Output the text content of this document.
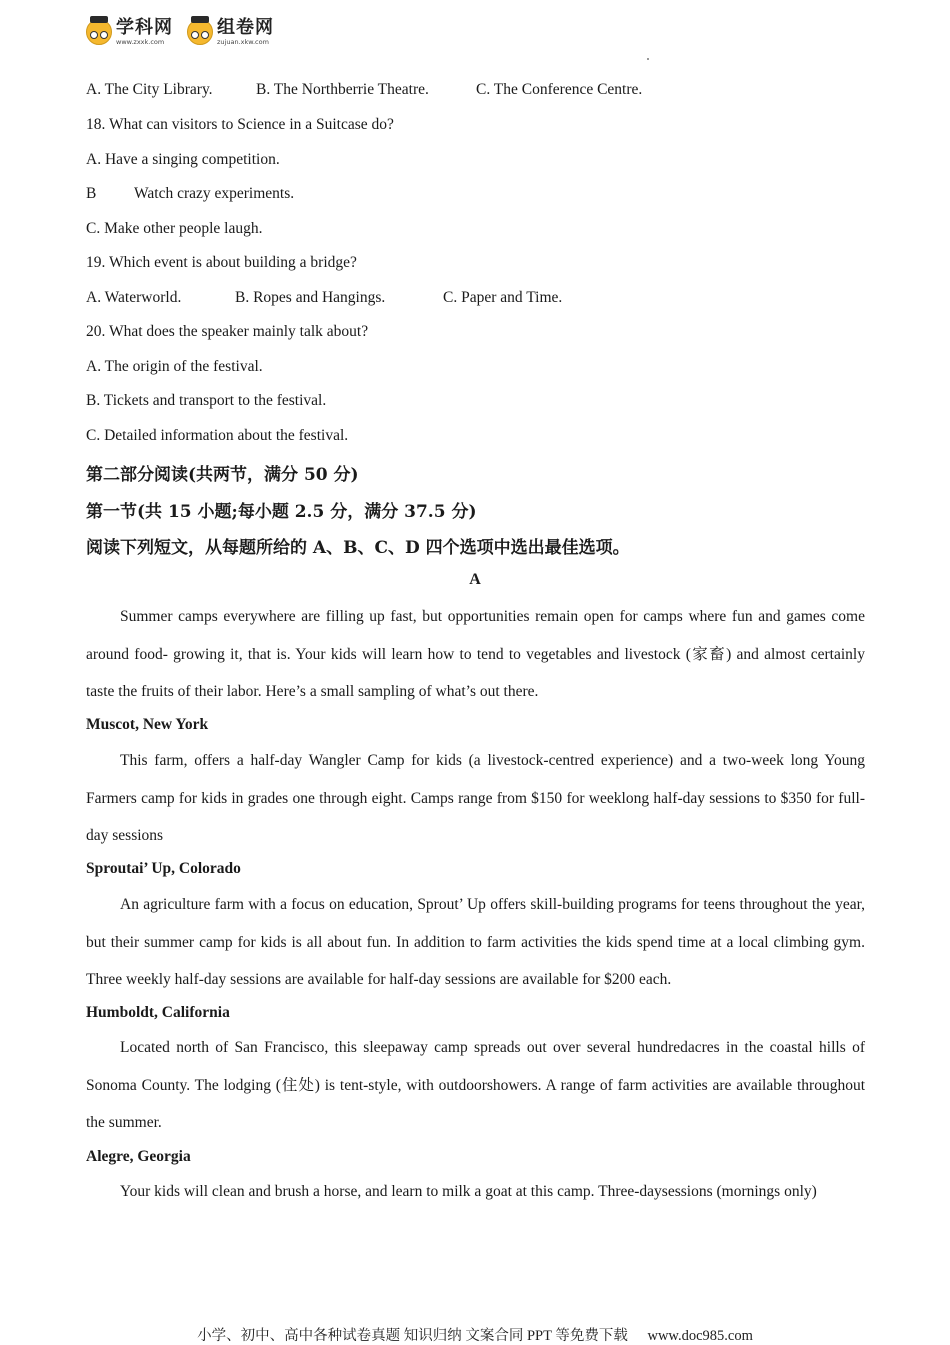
学科网
www.zxxk.com
组卷网
zujuan.xkw.com
A. The City Library.	B. The Northberrie Theatre.	C. The Conference Centre.
18. What can visitors to Science in a Suitcase do?
A. Have a singing competition.
B Watch crazy experiments.
C. Make other people laugh.
19. Which event is about building a bridge?
A. Waterworld.	B. Ropes and Hangings.	C. Paper and Time.
20. What does the speaker mainly talk about?
A. The origin of the festival.
B. Tickets and transport to the festival.
C. Detailed information about the festival.
第二部分阅读(共两节，满分 50 分)
第一节(共 15 小题;每小题 2.5 分，满分 37.5 分)
阅读下列短文，从每题所给的 A、B、C、D 四个选项中选出最佳选项。
A
Summer camps everywhere are filling up fast, but opportunities remain open for camps where fun and games come around food- growing it, that is. Your kids will learn how to tend to vegetables and livestock (家畜) and almost certainly taste the fruits of their labor. Here’s a small sampling of what’s out there.
Muscot, New York
This farm, offers a half-day Wangler Camp for kids (a livestock-centred experience) and a two-week long Young Farmers camp for kids in grades one through eight. Camps range from $150 for weeklong half-day sessions to $350 for full-day sessions
Sproutai’ Up, Colorado
An agriculture farm with a focus on education, Sprout’ Up offers skill-building programs for teens throughout the year, but their summer camp for kids is all about fun. In addition to farm activities the kids spend time at a local climbing gym. Three weekly half-day sessions are available for half-day sessions are available for $200 each.
Humboldt, California
Located north of San Francisco, this sleepaway camp spreads out over several hundredacres in the coastal hills of Sonoma County. The lodging (住处) is tent-style, with outdoorshowers. A range of farm activities are available throughout the summer.
Alegre, Georgia
Your kids will clean and brush a horse, and learn to milk a goat at this camp. Three-daysessions (mornings only)
小学、初中、高中各种试卷真题 知识归纳 文案合同 PPT 等免费下载 www.doc985.com
